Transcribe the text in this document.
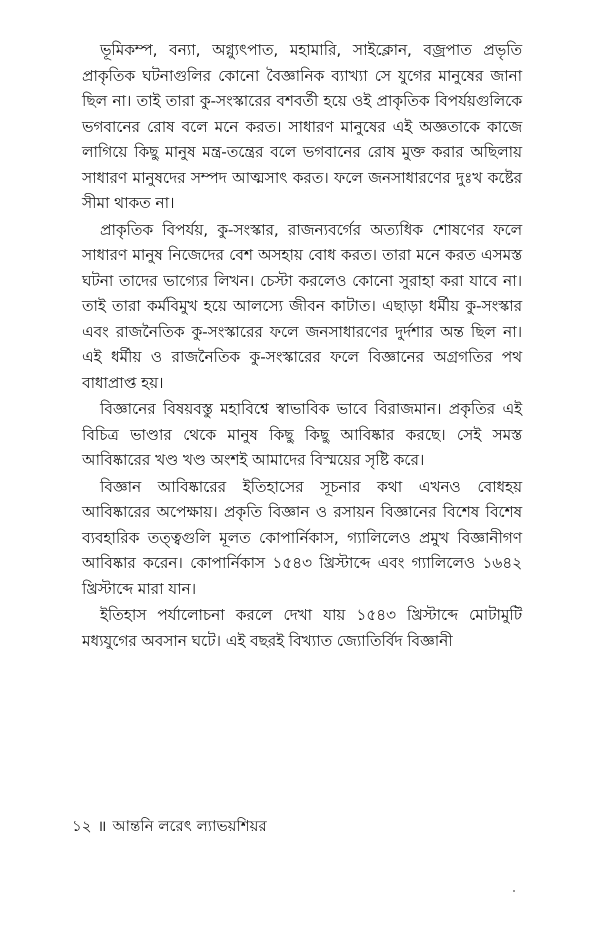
ভূমিকম্প, বন্যা, অগ্ন্যুৎপাত, মহামারি, সাইক্লোন, বজ্রপাত প্রভৃতি প্রাকৃতিক ঘটনাগুলির কোনো বৈজ্ঞানিক ব্যাখ্যা সে যুগের মানুষের জানা ছিল না। তাই তারা কু-সংস্কারের বশবর্তী হয়ে ওই প্রাকৃতিক বিপর্যয়গুলিকে ভগবানের রোষ বলে মনে করত। সাধারণ মানুষের এই অজ্ঞতাকে কাজে লাগিয়ে কিছু মানুষ মন্ত্র-তন্ত্রের বলে ভগবানের রোষ মুক্ত করার অছিলায় সাধারণ মানুষদের সম্পদ আত্মসাৎ করত। ফলে জনসাধারণের দুঃখ কষ্টের সীমা থাকত না।

প্রাকৃতিক বিপর্যয়, কু-সংস্কার, রাজন্যবর্গের অত্যধিক শোষণের ফলে সাধারণ মানুষ নিজেদের বেশ অসহায় বোধ করত। তারা মনে করত এসমস্ত ঘটনা তাদের ভাগ্যের লিখন। চেস্টা করলেও কোনো সুরাহা করা যাবে না। তাই তারা কর্মবিমুখ হয়ে আলস্যে জীবন কাটাত। এছাড়া ধর্মীয় কু-সংস্কার এবং রাজনৈতিক কু-সংস্কারের ফলে জনসাধারণের দুর্দশার অন্ত ছিল না। এই ধর্মীয় ও রাজনৈতিক কু-সংস্কারের ফলে বিজ্ঞানের অগ্রগতির পথ বাধাপ্রাপ্ত হয়।

বিজ্ঞানের বিষয়বস্তু মহাবিশ্বে স্বাভাবিক ভাবে বিরাজমান। প্রকৃতির এই বিচিত্র ভাণ্ডার থেকে মানুষ কিছু কিছু আবিষ্কার করছে। সেই সমস্ত আবিষ্কারের খণ্ড খণ্ড অংশই আমাদের বিস্ময়ের সৃষ্টি করে।

বিজ্ঞান আবিষ্কারের ইতিহাসের সূচনার কথা এখনও বোধহয় আবিষ্কারের অপেক্ষায়। প্রকৃতি বিজ্ঞান ও রসায়ন বিজ্ঞানের বিশেষ বিশেষ ব্যবহারিক তত্ত্বগুলি মূলত কোপার্নিকাস, গ্যালিলেও প্রমুখ বিজ্ঞানীগণ আবিষ্কার করেন। কোপার্নিকাস ১৫৪৩ খ্রিস্টাব্দে এবং গ্যালিলেও ১৬৪২ খ্রিস্টাব্দে মারা যান।

ইতিহাস পর্যালোচনা করলে দেখা যায় ১৫৪৩ খ্রিস্টাব্দে মোটামুটি মধ্যযুগের অবসান ঘটে। এই বছরই বিখ্যাত জ্যোতির্বিদ বিজ্ঞানী

১২ ॥ আন্তনি লরেৎ ল্যাভয়শিয়র
